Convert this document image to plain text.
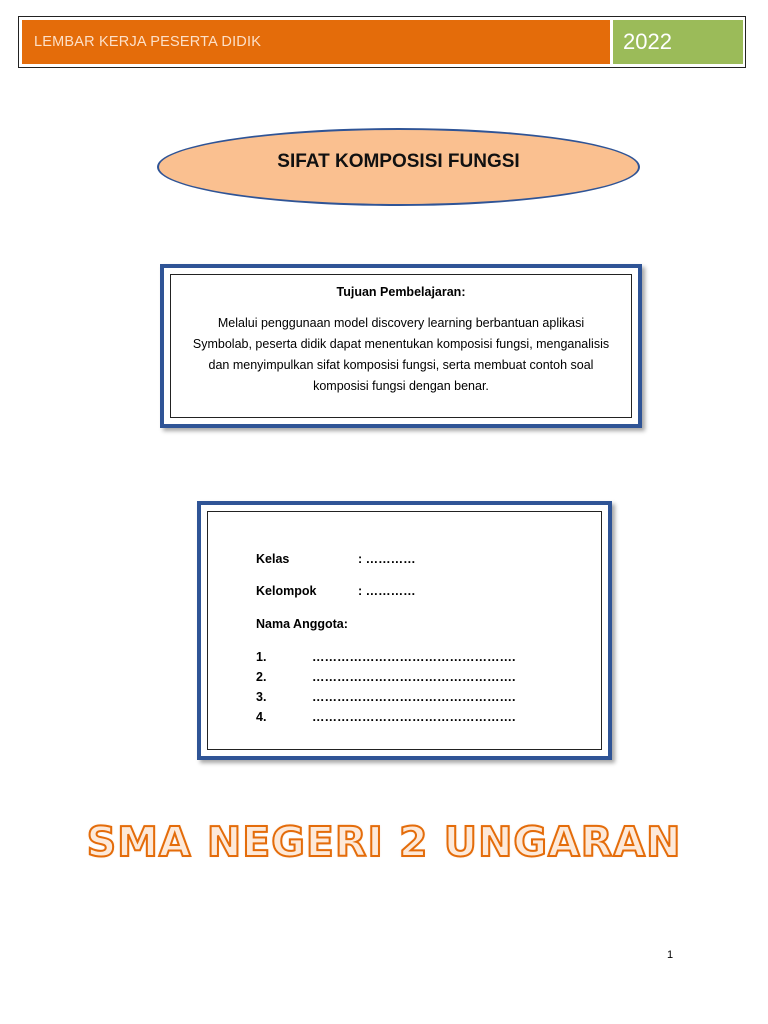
LEMBAR KERJA PESERTA DIDIK	2022
SIFAT KOMPOSISI FUNGSI
Tujuan Pembelajaran:
Melalui penggunaan model discovery learning berbantuan aplikasi Symbolab, peserta didik dapat menentukan komposisi fungsi, menganalisis dan menyimpulkan sifat komposisi fungsi, serta membuat contoh soal komposisi fungsi dengan benar.
Kelas	: …………
Kelompok	: …………
Nama Anggota:
1.	………………………………………….
2.	………………………………………….
3.	………………………………………….
4.	………………………………………….
SMA NEGERI 2 UNGARAN
1
